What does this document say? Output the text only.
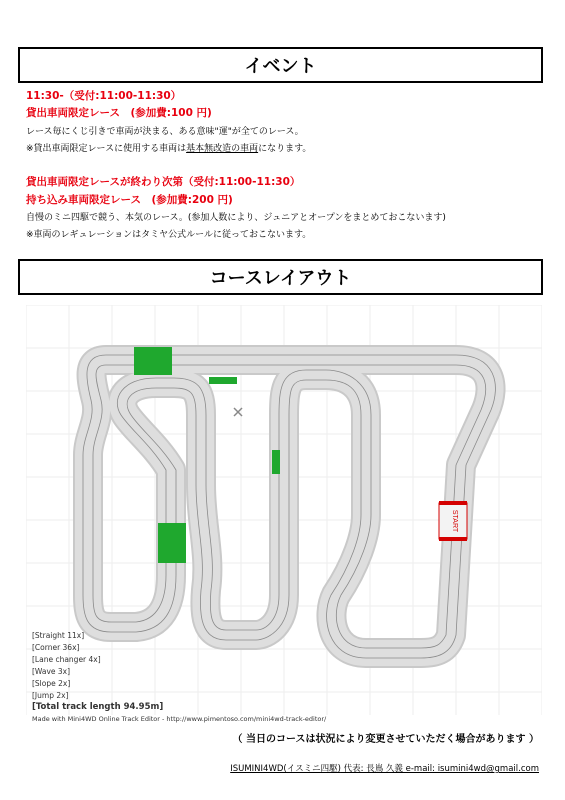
イベント
11:30-（受付:11:00-11:30）
貸出車両限定レース　(参加費:100 円)
レース毎にくじ引きで車両が決まる、ある意味"運"が全てのレース。
※貸出車両限定レースに使用する車両は基本無改造の車両になります。
貸出車両限定レースが終わり次第（受付:11:00-11:30）
持ち込み車両限定レース　(参加費:200 円)
自慢のミニ四駆で競う、本気のレース。(参加人数により、ジュニアとオープンをまとめておこないます)
※車両のレギュレーションはタミヤ公式ルールに従っておこないます。
コースレイアウト
START
[Straight 11x]
[Corner 36x]
[Lane changer 4x]
[Wave 3x]
[Slope 2x]
[Jump 2x]
[Total track length 94.95m]
Made with Mini4WD Online Track Editor - http://www.pimentoso.com/mini4wd-track-editor/
（ 当日のコースは状況により変更させていただく場合があります ）
ISUMINI4WD(イスミニ四駆) 代表: 長嶌 久義 e-mail: isumini4wd@gmail.com
